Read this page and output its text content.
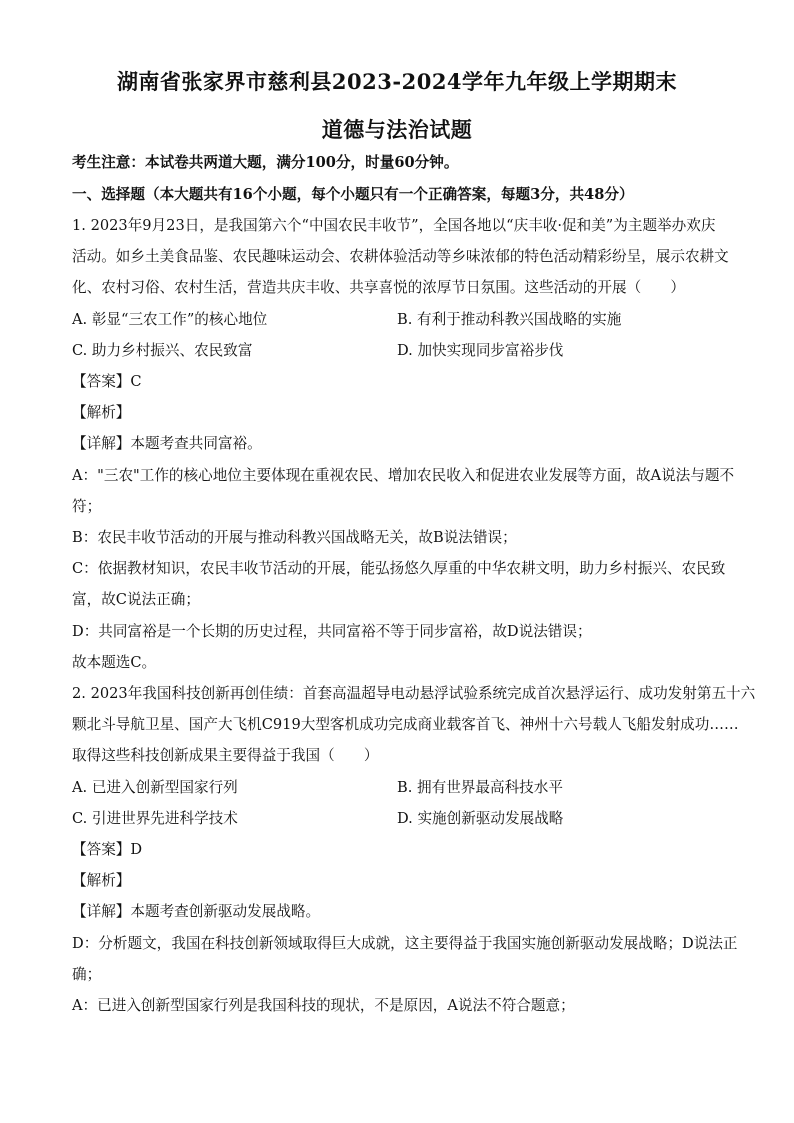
湖南省张家界市慈利县2023-2024学年九年级上学期期末
道德与法治试题
考生注意：本试卷共两道大题，满分100分，时量60分钟。
一、选择题（本大题共有16个小题，每个小题只有一个正确答案，每题3分，共48分）
1. 2023年9月23日，是我国第六个“中国农民丰收节”，全国各地以“庆丰收·促和美”为主题举办欢庆
活动。如乡土美食品鉴、农民趣味运动会、农耕体验活动等乡味浓郁的特色活动精彩纷呈，展示农耕文
化、农村习俗、农村生活，营造共庆丰收、共享喜悦的浓厚节日氛围。这些活动的开展（　　）
A. 彰显“三农工作”的核心地位	B. 有利于推动科教兴国战略的实施
C. 助力乡村振兴、农民致富	D. 加快实现同步富裕步伐
【答案】C
【解析】
【详解】本题考查共同富裕。
A："三农"工作的核心地位主要体现在重视农民、增加农民收入和促进农业发展等方面，故A说法与题不
符；
B：农民丰收节活动的开展与推动科教兴国战略无关，故B说法错误；
C：依据教材知识，农民丰收节活动的开展，能弘扬悠久厚重的中华农耕文明，助力乡村振兴、农民致
富，故C说法正确；
D：共同富裕是一个长期的历史过程，共同富裕不等于同步富裕，故D说法错误；
故本题选C。
2. 2023年我国科技创新再创佳绩：首套高温超导电动悬浮试验系统完成首次悬浮运行、成功发射第五十六
颗北斗导航卫星、国产大飞机C919大型客机成功完成商业载客首飞、神州十六号载人飞船发射成功……
取得这些科技创新成果主要得益于我国（　　）
A. 已进入创新型国家行列	B. 拥有世界最高科技水平
C. 引进世界先进科学技术	D. 实施创新驱动发展战略
【答案】D
【解析】
【详解】本题考查创新驱动发展战略。
D：分析题文，我国在科技创新领域取得巨大成就，这主要得益于我国实施创新驱动发展战略；D说法正
确；
A：已进入创新型国家行列是我国科技的现状，不是原因，A说法不符合题意；
